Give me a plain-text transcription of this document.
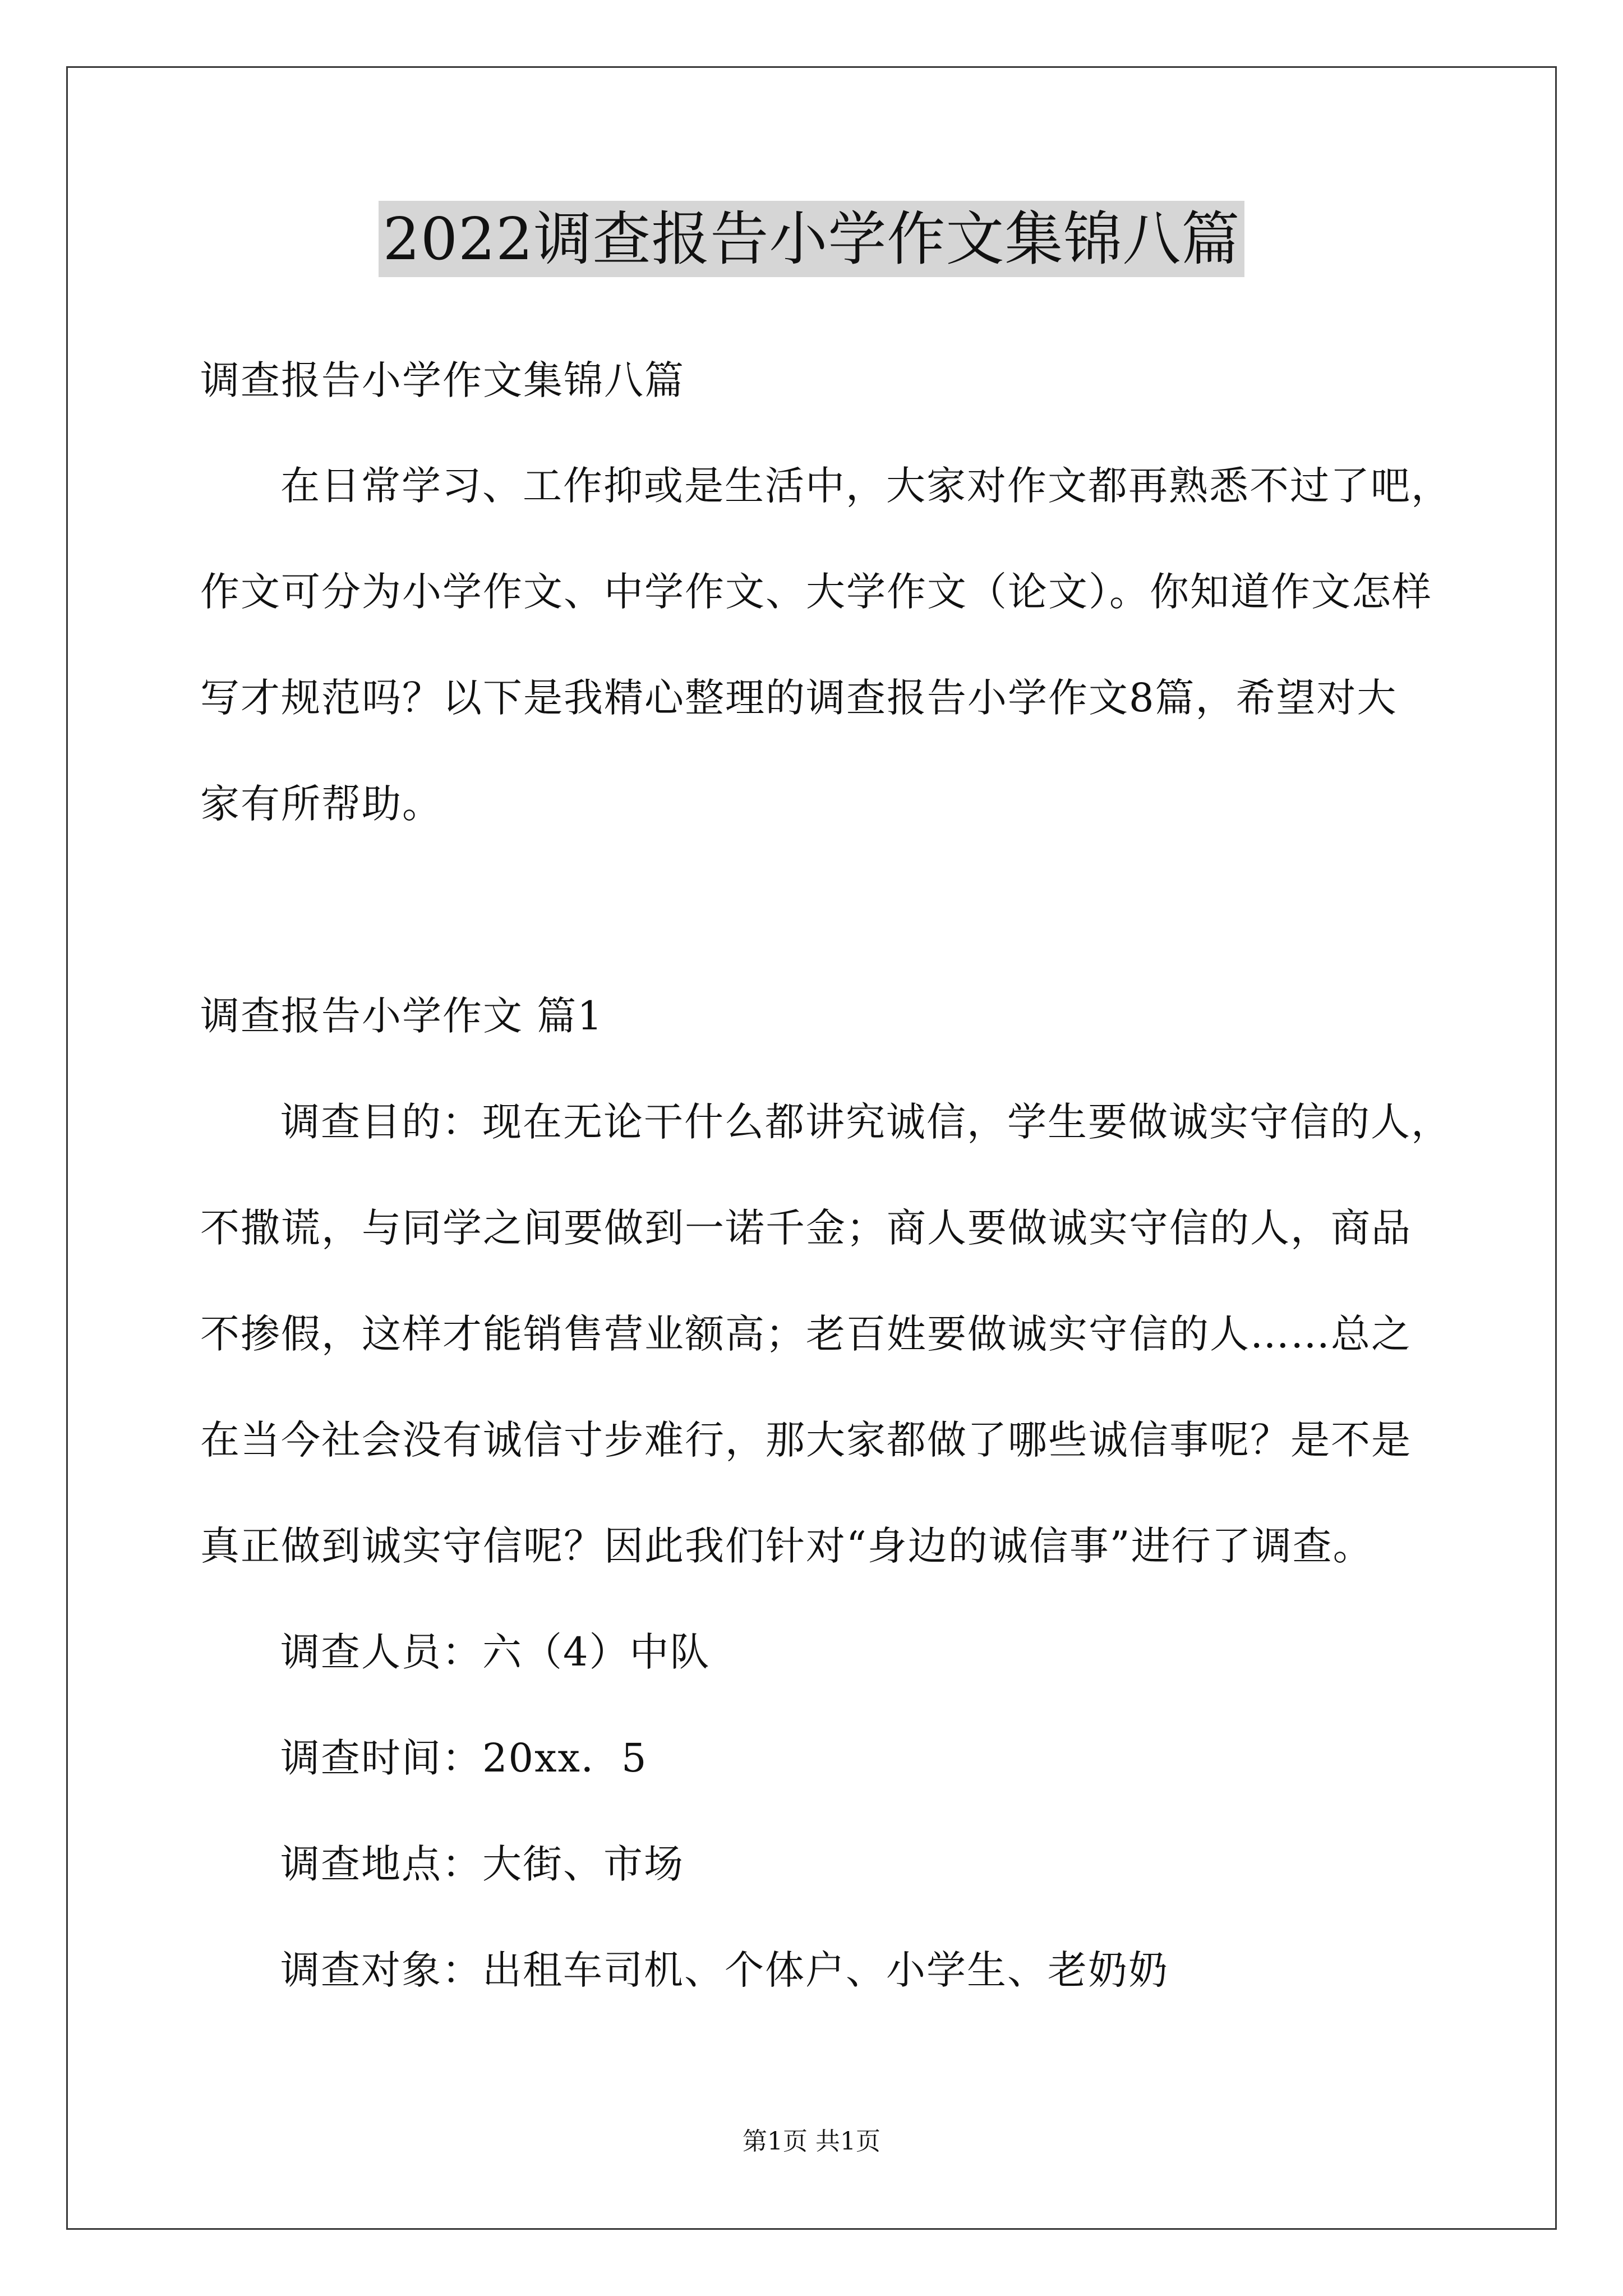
2022调查报告小学作文集锦八篇
调查报告小学作文集锦八篇
在日常学习、工作抑或是生活中，大家对作文都再熟悉不过了吧，
作文可分为小学作文、中学作文、大学作文（论文）。你知道作文怎样
写才规范吗？以下是我精心整理的调查报告小学作文8篇，希望对大
家有所帮助。
调查报告小学作文 篇1
调查目的：现在无论干什么都讲究诚信，学生要做诚实守信的人，
不撒谎，与同学之间要做到一诺千金；商人要做诚实守信的人，商品
不掺假，这样才能销售营业额高；老百姓要做诚实守信的人……总之
在当今社会没有诚信寸步难行，那大家都做了哪些诚信事呢？是不是
真正做到诚实守信呢？因此我们针对“身边的诚信事”进行了调查。
调查人员：六（4）中队
调查时间：20xx．5
调查地点：大街、市场
调查对象：出租车司机、个体户、小学生、老奶奶
第1页 共1页
